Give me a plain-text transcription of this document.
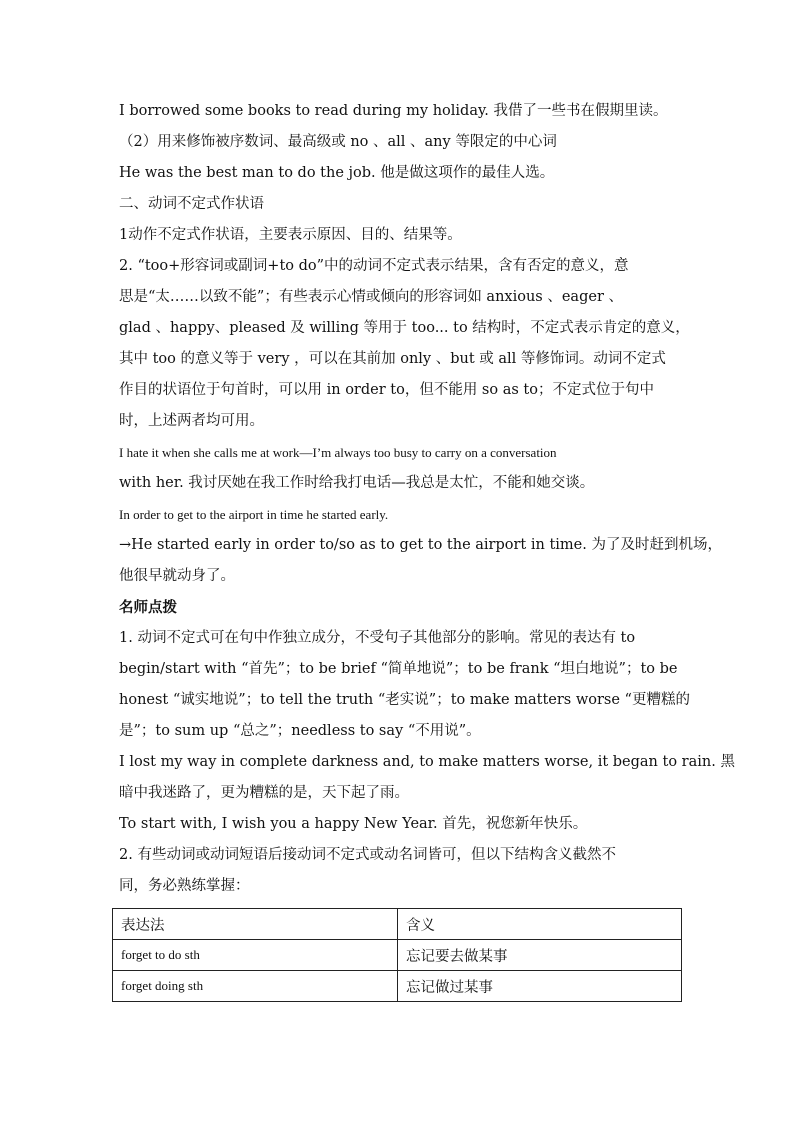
I borrowed some books to read during my holiday. 我借了一些书在假期里读。
（2）用来修饰被序数词、最高级或 no 、all 、any 等限定的中心词
He was the best man to do the job. 他是做这项作的最佳人选。
二、动词不定式作状语
1动作不定式作状语，主要表示原因、目的、结果等。
2. “too+形容词或副词+to do”中的动词不定式表示结果，含有否定的意义，意
思是“太……以致不能”；有些表示心情或倾向的形容词如 anxious 、eager 、
glad 、happy、pleased 及 willing 等用于 too... to 结构时，不定式表示肯定的意义，
其中 too 的意义等于 very ，可以在其前加 only 、but 或 all 等修饰词。动词不定式
作目的状语位于句首时，可以用 in order to，但不能用 so as to；不定式位于句中
时，上述两者均可用。
I hate it when she calls me at work—I’m always too busy to carry on a conversation
with her. 我讨厌她在我工作时给我打电话—我总是太忙，不能和她交谈。
In order to get to the airport in time he started early.
→He started early in order to/so as to get to the airport in time. 为了及时赶到机场，
他很早就动身了。
名师点拨
1. 动词不定式可在句中作独立成分，不受句子其他部分的影响。常见的表达有 to
begin/start with “首先”；to be brief “简单地说”；to be frank “坦白地说”；to be
honest “诚实地说”；to tell the truth “老实说”；to make matters worse “更糟糕的
是”；to sum up “总之”；needless to say “不用说”。
I lost my way in complete darkness and, to make matters worse, it began to rain. 黑
暗中我迷路了，更为糟糕的是，天下起了雨。
To start with, I wish you a happy New Year. 首先，祝您新年快乐。
2. 有些动词或动词短语后接动词不定式或动名词皆可，但以下结构含义截然不
同，务必熟练掌握：
表达法	含义
forget to do sth	忘记要去做某事
forget doing sth	忘记做过某事
